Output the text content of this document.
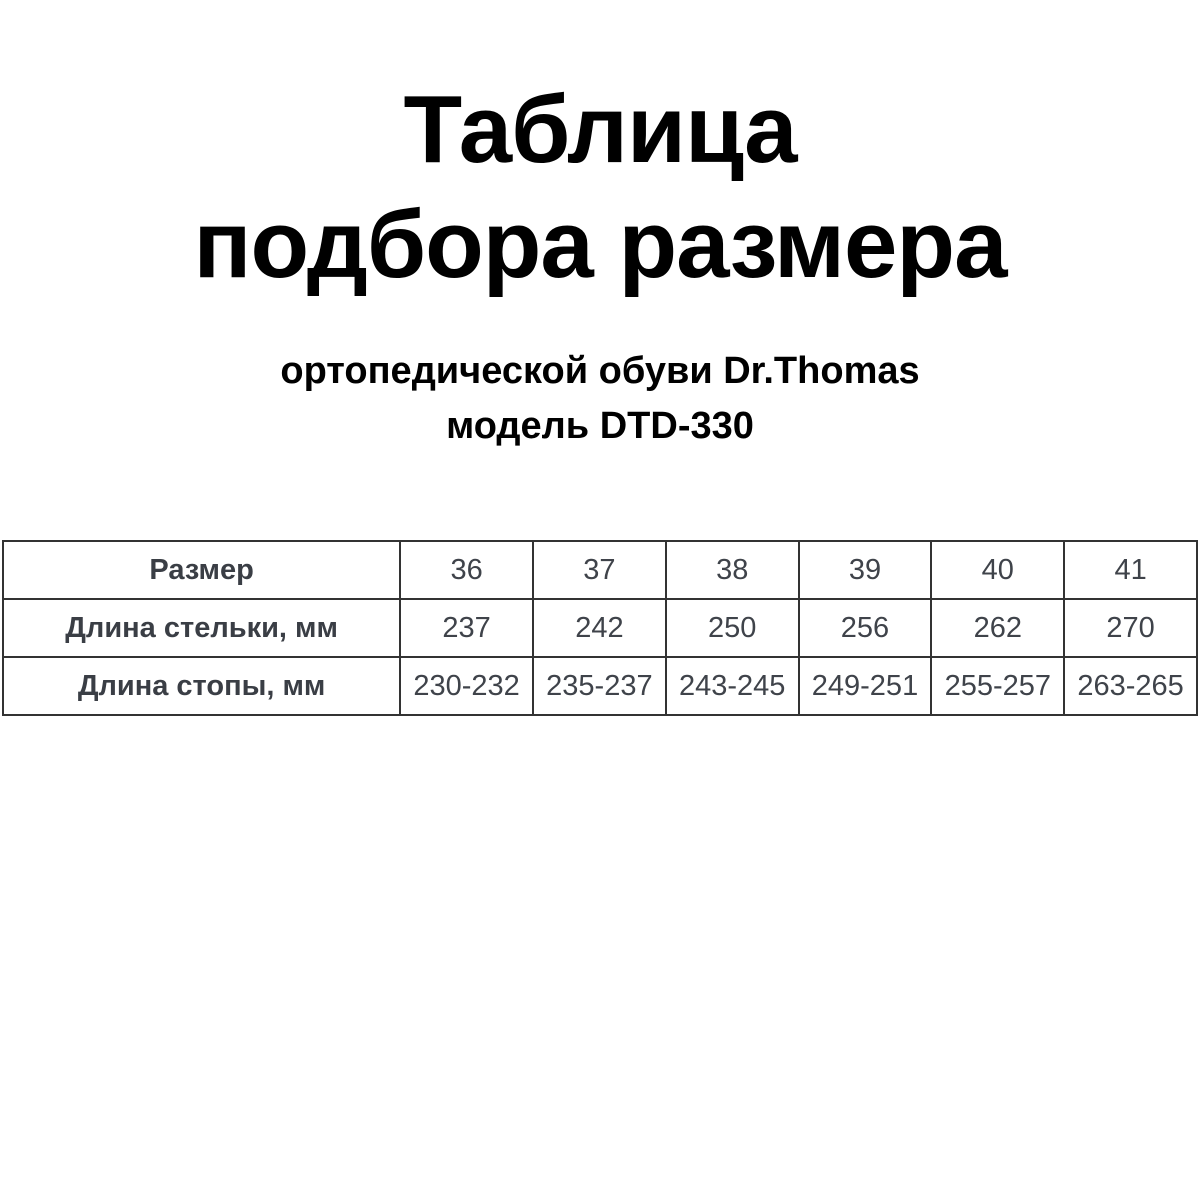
Таблица
подбора размера
ортопедической обуви Dr.Thomas
модель DTD-330
Размер	36	37	38	39	40	41
Длина стельки, мм	237	242	250	256	262	270
Длина стопы, мм	230-232	235-237	243-245	249-251	255-257	263-265
